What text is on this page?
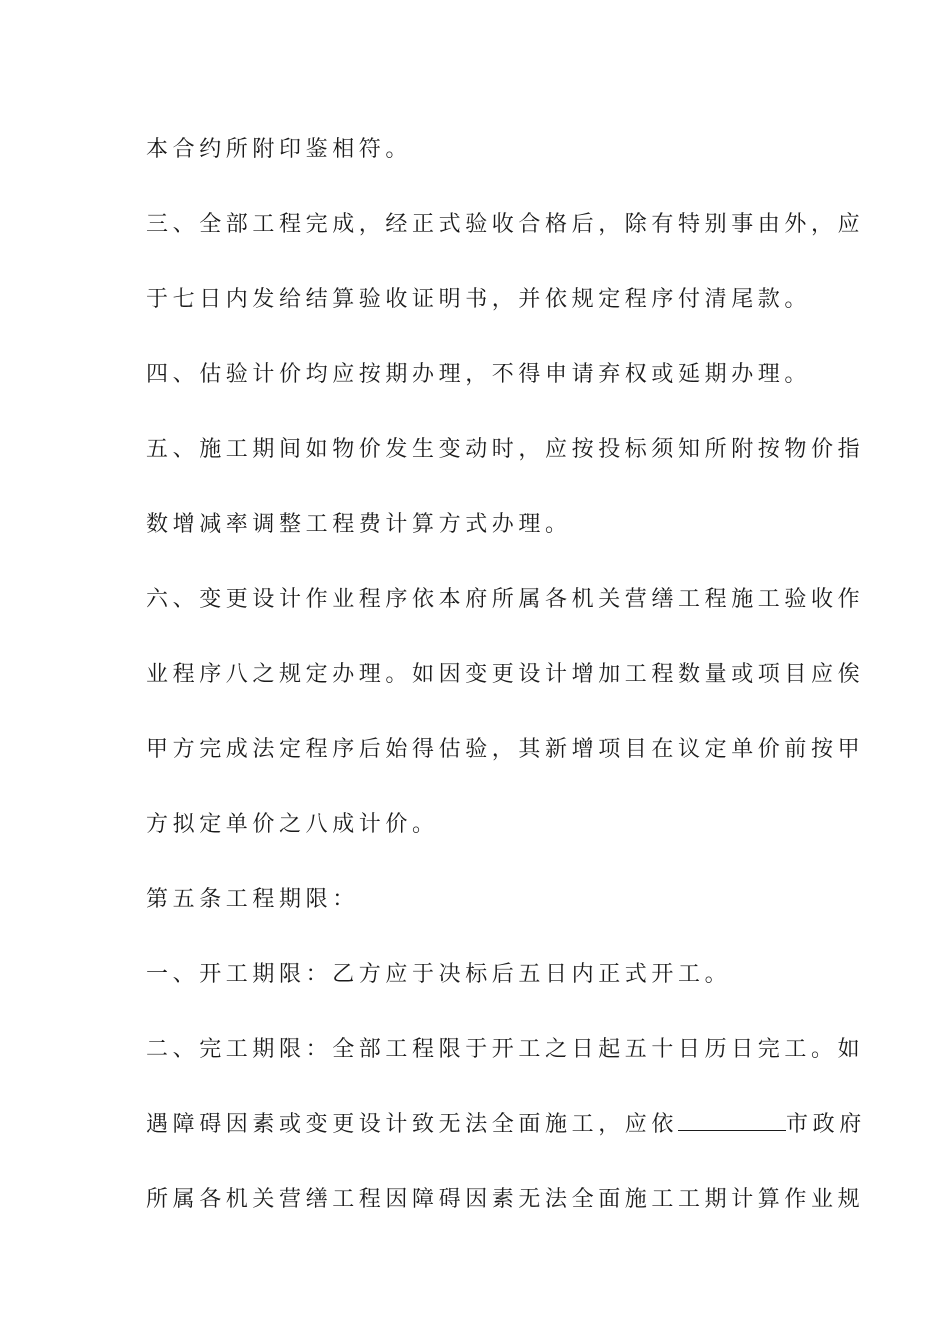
本合约所附印鉴相符。
三、全部工程完成，经正式验收合格后，除有特别事由外，应
于七日内发给结算验收证明书，并依规定程序付清尾款。
四、估验计价均应按期办理，不得申请弃权或延期办理。
五、施工期间如物价发生变动时，应按投标须知所附按物价指
数增减率调整工程费计算方式办理。
六、变更设计作业程序依本府所属各机关营缮工程施工验收作
业程序八之规定办理。如因变更设计增加工程数量或项目应俟
甲方完成法定程序后始得估验，其新增项目在议定单价前按甲
方拟定单价之八成计价。
第五条工程期限：
一、开工期限：乙方应于决标后五日内正式开工。
二、完工期限：全部工程限于开工之日起五十日历日完工。如
遇障碍因素或变更设计致无法全面施工，应依	市政府
所属各机关营缮工程因障碍因素无法全面施工工期计算作业规
